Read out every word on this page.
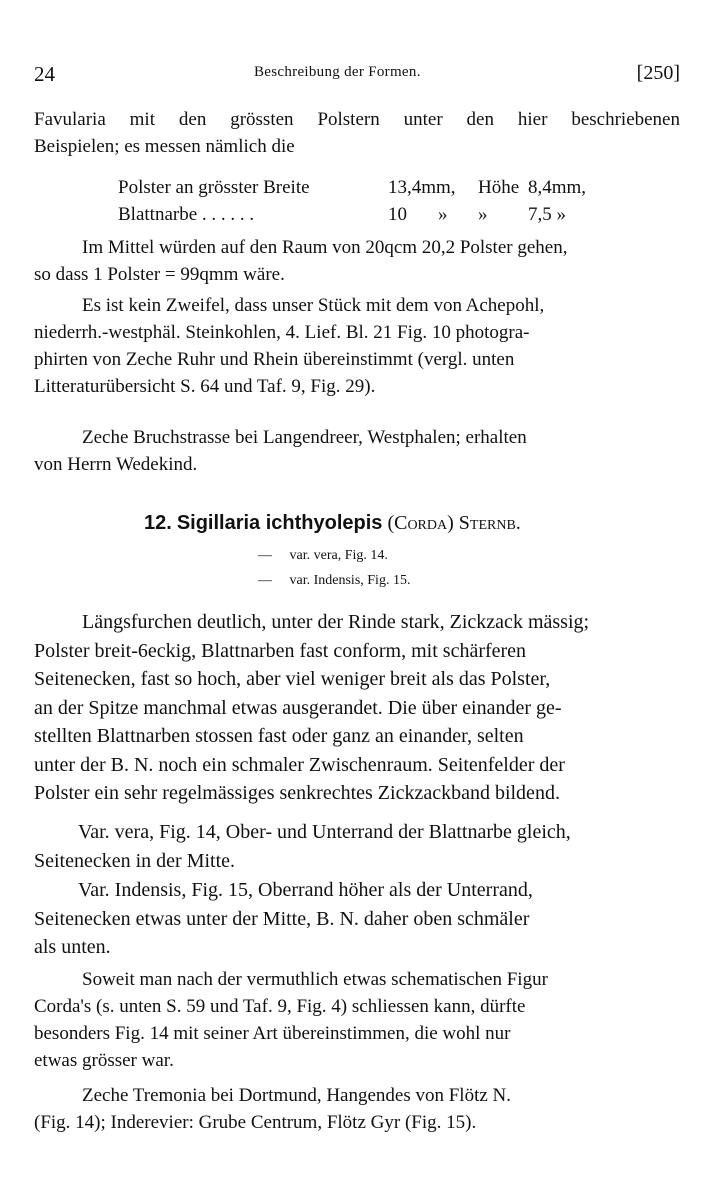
24	Beschreibung der Formen.	[250]
Favularia mit den grössten Polstern unter den hier beschriebenen
Beispielen; es messen nämlich die
Polster an grösster Breite	13,4mm, Höhe 8,4mm,
Blattnarbe . . . . . .	10	»	»	7,5 »
Im Mittel würden auf den Raum von 20qcm 20,2 Polster gehen,
so dass 1 Polster = 99qmm wäre.
Es ist kein Zweifel, dass unser Stück mit dem von Achepohl,
niederrh.-westphäl. Steinkohlen, 4. Lief. Bl. 21 Fig. 10 photogra-
phirten von Zeche Ruhr und Rhein übereinstimmt (vergl. unten
Litteraturübersicht S. 64 und Taf. 9, Fig. 29).
Zeche Bruchstrasse bei Langendreer, Westphalen; erhalten
von Herrn Wedekind.
12. Sigillaria ichthyolepis (Corda) Sternb.
— var. vera, Fig. 14.
— var. Indensis, Fig. 15.
Längsfurchen deutlich, unter der Rinde stark, Zickzack mässig;
Polster breit-6eckig, Blattnarben fast conform, mit schärferen
Seitenecken, fast so hoch, aber viel weniger breit als das Polster,
an der Spitze manchmal etwas ausgerandet. Die über einander ge-
stellten Blattnarben stossen fast oder ganz an einander, selten
unter der B. N. noch ein schmaler Zwischenraum. Seitenfelder der
Polster ein sehr regelmässiges senkrechtes Zickzackband bildend.
Var. vera, Fig. 14, Ober- und Unterrand der Blattnarbe gleich,
Seitenecken in der Mitte.
Var. Indensis, Fig. 15, Oberrand höher als der Unterrand,
Seitenecken etwas unter der Mitte, B. N. daher oben schmäler
als unten.
Soweit man nach der vermuthlich etwas schematischen Figur
Corda's (s. unten S. 59 und Taf. 9, Fig. 4) schliessen kann, dürfte
besonders Fig. 14 mit seiner Art übereinstimmen, die wohl nur
etwas grösser war.
Zeche Tremonia bei Dortmund, Hangendes von Flötz N.
(Fig. 14); Inderevier: Grube Centrum, Flötz Gyr (Fig. 15).
